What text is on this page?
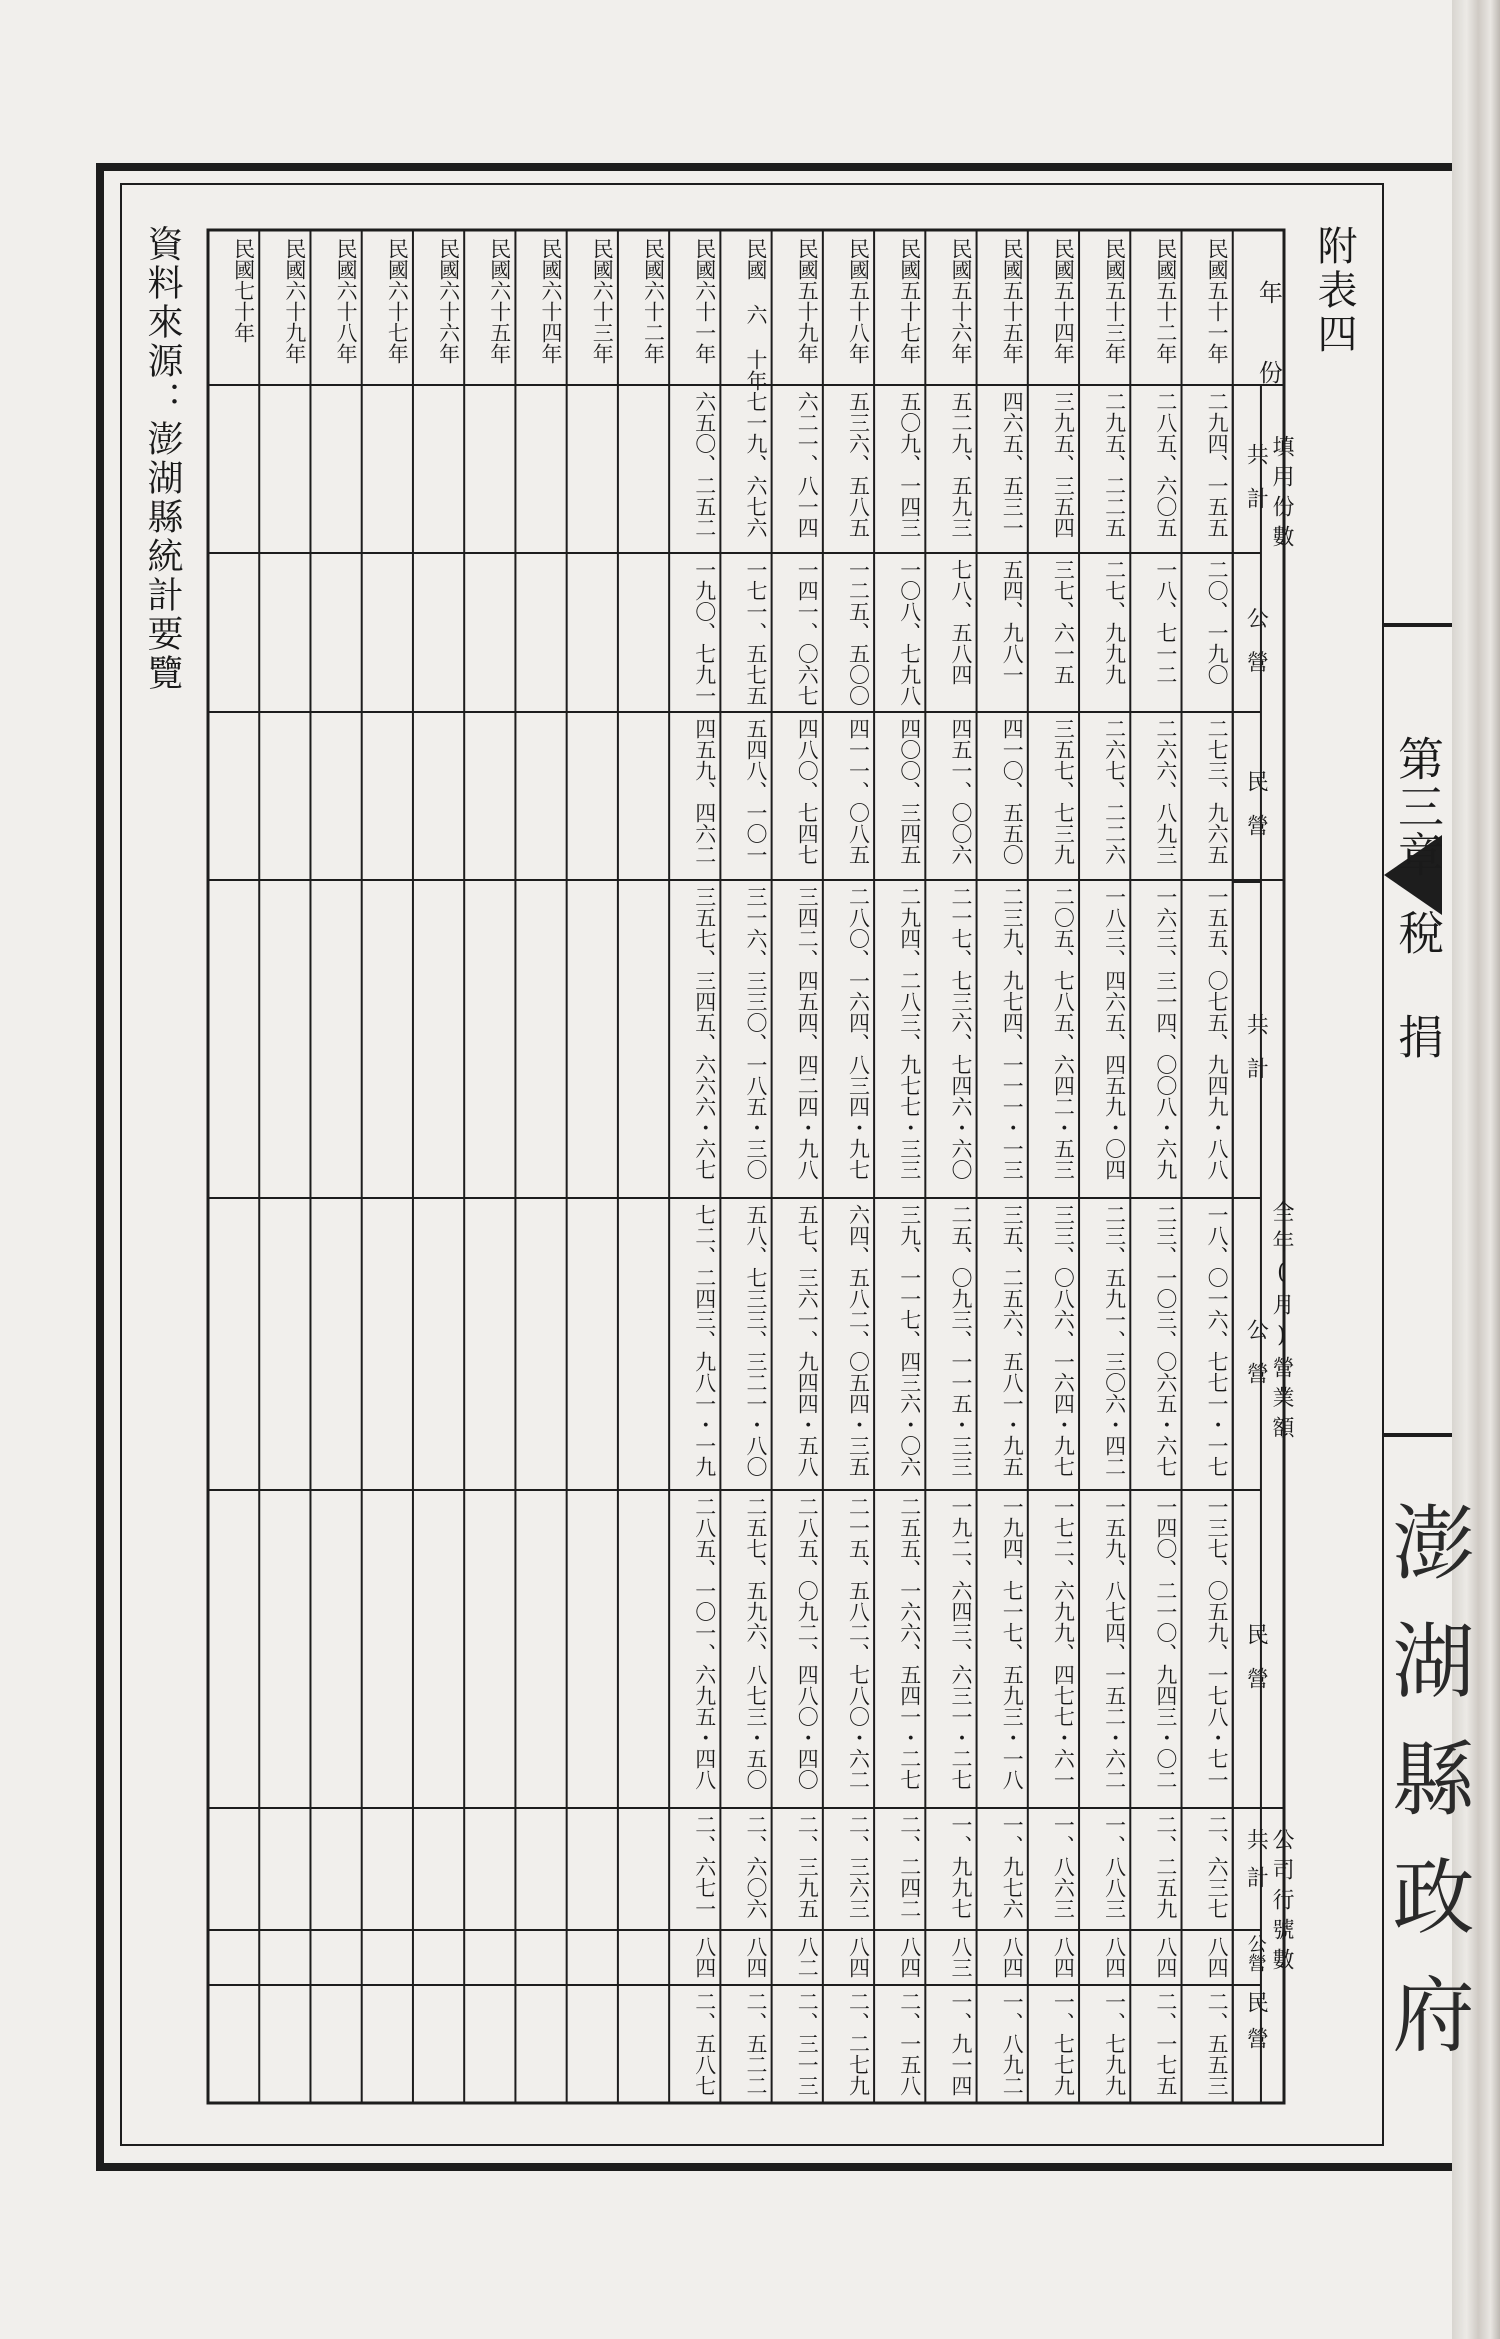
第三章稅 捐
澎湖縣政府
附表四
資料來源：澎湖縣統計要覽	年
份
填用份數
全年(月)營業額
公司行號數
共計
公營
民營
共計
公營
民營
共計
公營
民營
民國五十一年
二九四、一五五
二〇、一九〇
二七三、九六五
一五五、〇七五、九四九・八八
一八、〇一六、七七一・一七
一三七、〇五九、一七八・七一
二、六三七
八四
二、五五三
民國五十二年
二八五、六〇五
一八、七一二
二六六、八九三
一六三、三一四、〇〇八・六九
二三、一〇三、〇六五・六七
一四〇、二一〇、九四三・〇二
二、二五九
八四
二、一七五
民國五十三年
二九五、二二五
二七、九九九
二六七、二二六
一八三、四六五、四五九・〇四
二三、五九一、三〇六・四二
一五九、八七四、一五二・六二
一、八八三
八四
一、七九九
民國五十四年
三九五、三五四
三七、六一五
三五七、七三九
二〇五、七八五、六四二・五三
三三、〇八六、一六四・九七
一七二、六九九、四七七・六一
一、八六三
八四
一、七七九
民國五十五年
四六五、五三一
五四、九八一
四一〇、五五〇
二三九、九七四、一一一・一三
三五、二五六、五八一・九五
一九四、七一七、五九三・一八
一、九七六
八四
一、八九二
民國五十六年
五二九、五九三
七八、五八四
四五一、〇〇六
二一七、七三六、七四六・六〇
二五、〇九三、一一五・三三
一九二、六四三、六三一・二七
一、九九七
八三
一、九一四
民國五十七年
五〇九、一四三
一〇八、七九八
四〇〇、三四五
二九四、二八三、九七七・三三
三九、一一七、四三六・〇六
二五五、一六六、五四一・二七
二、二四二
八四
二、一五八
民國五十八年
五三六、五八五
一二五、五〇〇
四一一、〇八五
二八〇、一六四、八三四・九七
六四、五八二、〇五四・三五
二一五、五八二、七八〇・六二
二、三六三
八四
二、二七九
民國五十九年
六二一、八一四
一四一、〇六七
四八〇、七四七
三四二、四五四、四二四・九八
五七、三六一、九四四・五八
二八五、〇九二、四八〇・四〇
二、三九五
八二
二、三一三
民國 六 十年
七一九、六七六
一七一、五七五
五四八、一〇一
三一六、三三〇、一八五・三〇
五八、七三三、三二一・八〇
二五七、五九六、八七三・五〇
二、六〇六
八四
二、五二二
民國六十一年
六五〇、二五二
一九〇、七九一
四五九、四六二
三五七、三四五、六六六・六七
七二、二四三、九八一・一九
二八五、一〇一、六九五・四八
二、六七一
八四
二、五八七
民國六十二年
民國六十三年
民國六十四年
民國六十五年
民國六十六年
民國六十七年
民國六十八年
民國六十九年
民國七十年
